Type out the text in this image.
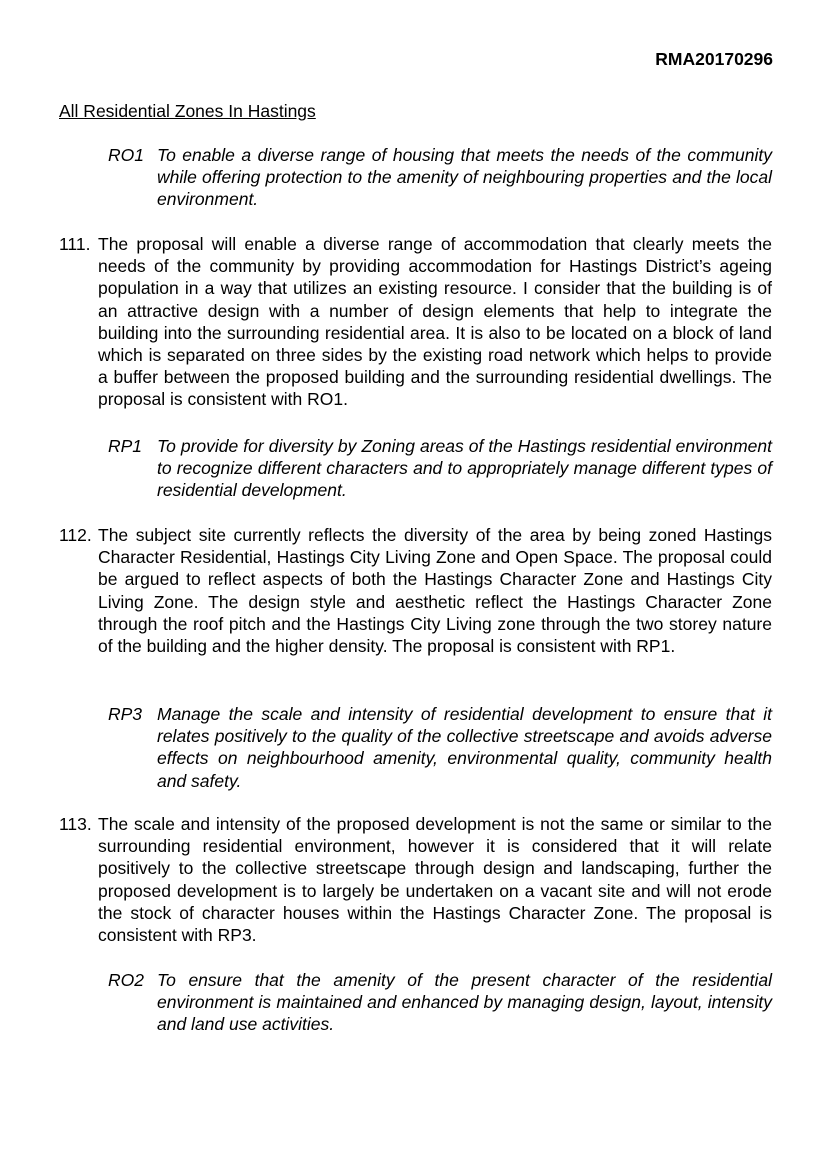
RMA20170296

All Residential Zones In Hastings

RO1 To enable a diverse range of housing that meets the needs of the community while offering protection to the amenity of neighbouring properties and the local environment.
111. The proposal will enable a diverse range of accommodation that clearly meets the needs of the community by providing accommodation for Hastings District’s ageing population in a way that utilizes an existing resource. I consider that the building is of an attractive design with a number of design elements that help to integrate the building into the surrounding residential area. It is also to be located on a block of land which is separated on three sides by the existing road network which helps to provide a buffer between the proposed building and the surrounding residential dwellings. The proposal is consistent with RO1.
RP1 To provide for diversity by Zoning areas of the Hastings residential environment to recognize different characters and to appropriately manage different types of residential development.
112. The subject site currently reflects the diversity of the area by being zoned Hastings Character Residential, Hastings City Living Zone and Open Space. The proposal could be argued to reflect aspects of both the Hastings Character Zone and Hastings City Living Zone. The design style and aesthetic reflect the Hastings Character Zone through the roof pitch and the Hastings City Living zone through the two storey nature of the building and the higher density. The proposal is consistent with RP1.
RP3 Manage the scale and intensity of residential development to ensure that it relates positively to the quality of the collective streetscape and avoids adverse effects on neighbourhood amenity, environmental quality, community health and safety.
113. The scale and intensity of the proposed development is not the same or similar to the surrounding residential environment, however it is considered that it will relate positively to the collective streetscape through design and landscaping, further the proposed development is to largely be undertaken on a vacant site and will not erode the stock of character houses within the Hastings Character Zone. The proposal is consistent with RP3.
RO2 To ensure that the amenity of the present character of the residential environment is maintained and enhanced by managing design, layout, intensity and land use activities.
